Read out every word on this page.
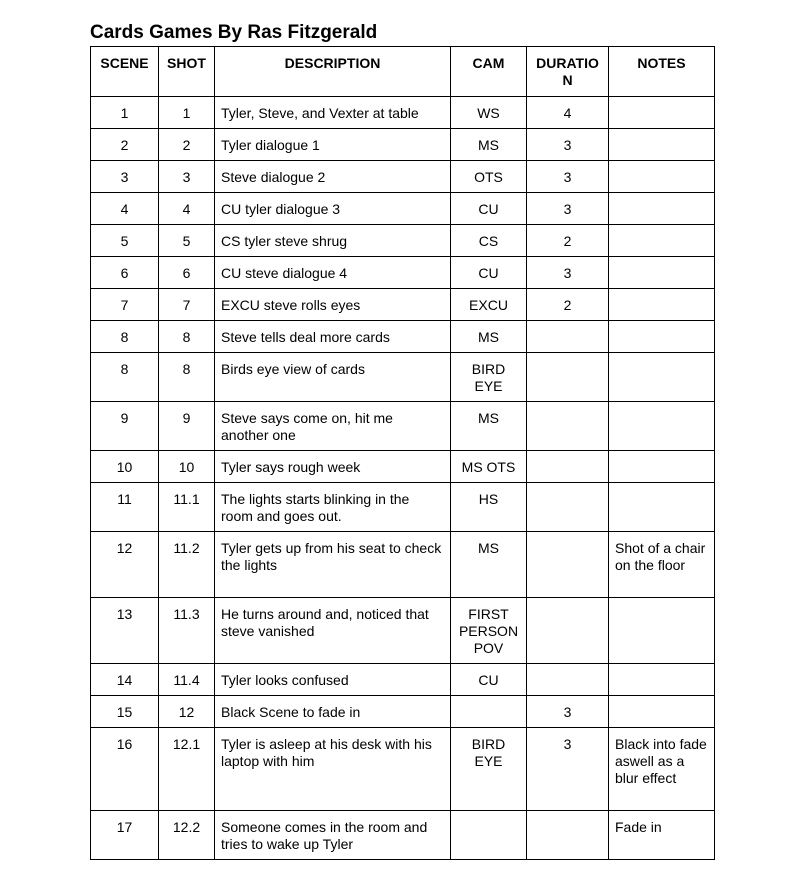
Cards Games By Ras Fitzgerald
SCENE	SHOT	DESCRIPTION	CAM	DURATIO N	NOTES
1	1	Tyler, Steve, and Vexter at table	WS	4	
2	2	Tyler dialogue 1	MS	3	
3	3	Steve dialogue 2	OTS	3	
4	4	CU tyler dialogue 3	CU	3	
5	5	CS tyler steve shrug	CS	2	
6	6	CU steve dialogue 4	CU	3	
7	7	EXCU steve rolls eyes	EXCU	2	
8	8	Steve tells deal more cards	MS		
8	8	Birds eye view of cards	BIRD EYE		
9	9	Steve says come on, hit me another one	MS		
10	10	Tyler says rough week	MS OTS		
11	11.1	The lights starts blinking in the room and goes out.	HS		
12	11.2	Tyler gets up from his seat to check the lights	MS		Shot of a chair on the floor
13	11.3	He turns around and, noticed that steve vanished	FIRST PERSON POV		
14	11.4	Tyler looks confused	CU		
15	12	Black Scene to fade in		3	
16	12.1	Tyler is asleep at his desk with his laptop with him	BIRD EYE	3	Black into fade aswell as a blur effect
17	12.2	Someone comes in the room and tries to wake up Tyler			Fade in
